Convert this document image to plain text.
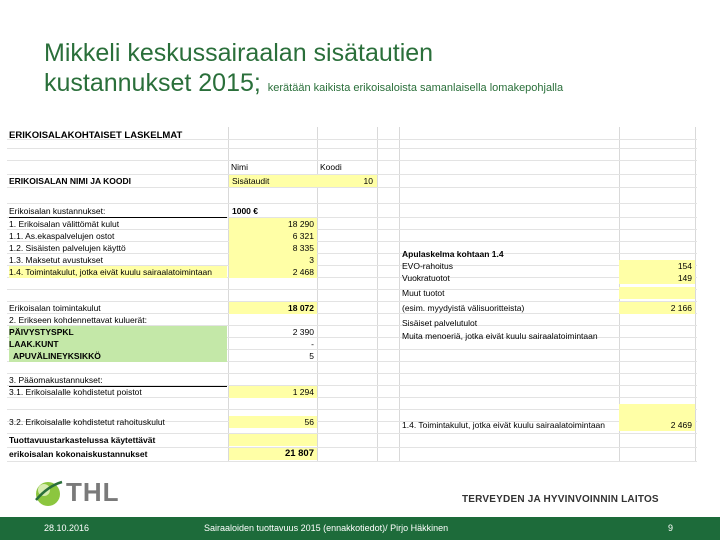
Mikkeli keskussairaalan sisätautien
kustannukset 2015; kerätään kaikista erikoisaloista samanlaisella lomakepohjalla
ERIKOISALAKOHTAISET LASKELMAT
Nimi	Koodi
ERIKOISALAN NIMI JA KOODI	Sisätaudit	10
1000 €
Erikoisalan kustannukset:
1. Erikoisalan välittömät kulut	18 290
1.1. As.ekaspalvelujen ostot	6 321
1.2. Sisäisten palvelujen käyttö	8 335
1.3. Maksetut avustukset	3
1.4. Toimintakulut, jotka eivät kuulu sairaalatoimintaan	2 468
Erikoisalan toimintakulut	18 072
2. Erikseen kohdennettavat kuluerät:
PÄIVYSTYSPKL	2 390
LAAK.KUNT	-
APUVÄLINEYKSIKKÖ	5
3. Pääomakustannukset:
3.1. Erikoisalalle kohdistetut poistot	1 294
3.2. Erikoisalalle kohdistetut rahoituskulut	56
Tuottavuustarkastelussa käytettävät
erikoisalan kokonaiskustannukset	21 807
Apulaskelma kohtaan 1.4
EVO-rahoitus	154
Vuokratuotot	149
Muut tuotot
(esim. myydyistä välisuoritteista)	2 166
Sisäiset palvelutulot
Muita menoeriä, jotka eivät kuulu sairaalatoimintaan
1.4. Toimintakulut, jotka eivät kuulu sairaalatoimintaan	2 469
THL	TERVEYDEN JA HYVINVOINNIN LAITOS
28.10.2016	Sairaaloiden tuottavuus 2015 (ennakkotiedot)/ Pirjo Häkkinen	9
